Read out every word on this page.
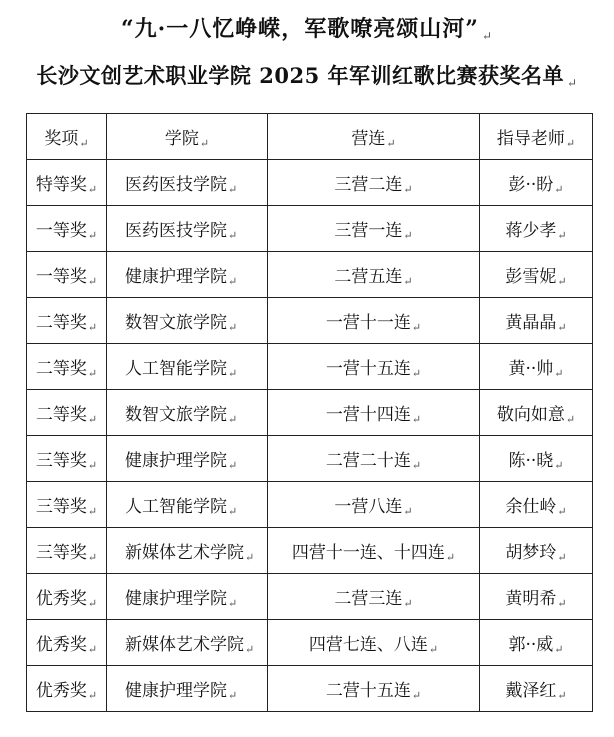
“九·一八忆峥嵘，军歌嘹亮颂山河” ↵
长沙文创艺术职业学院 2025 年军训红歌比赛获奖名单 ↵
奖项↵	学院↵	营连↵	指导老师↵
特等奖↵	医药医技学院↵	三营二连↵	彭··盼↵
一等奖↵	医药医技学院↵	三营一连↵	蒋少孝↵
一等奖↵	健康护理学院↵	二营五连↵	彭雪妮↵
二等奖↵	数智文旅学院↵	一营十一连↵	黄晶晶↵
二等奖↵	人工智能学院↵	一营十五连↵	黄··帅↵
二等奖↵	数智文旅学院↵	一营十四连↵	敬向如意↵
三等奖↵	健康护理学院↵	二营二十连↵	陈··晓↵
三等奖↵	人工智能学院↵	一营八连↵	余仕岭↵
三等奖↵	新媒体艺术学院↵	四营十一连、十四连↵	胡梦玲↵
优秀奖↵	健康护理学院↵	二营三连↵	黄明希↵
优秀奖↵	新媒体艺术学院↵	四营七连、八连↵	郭··威↵
优秀奖↵	健康护理学院↵	二营十五连↵	戴泽红↵
